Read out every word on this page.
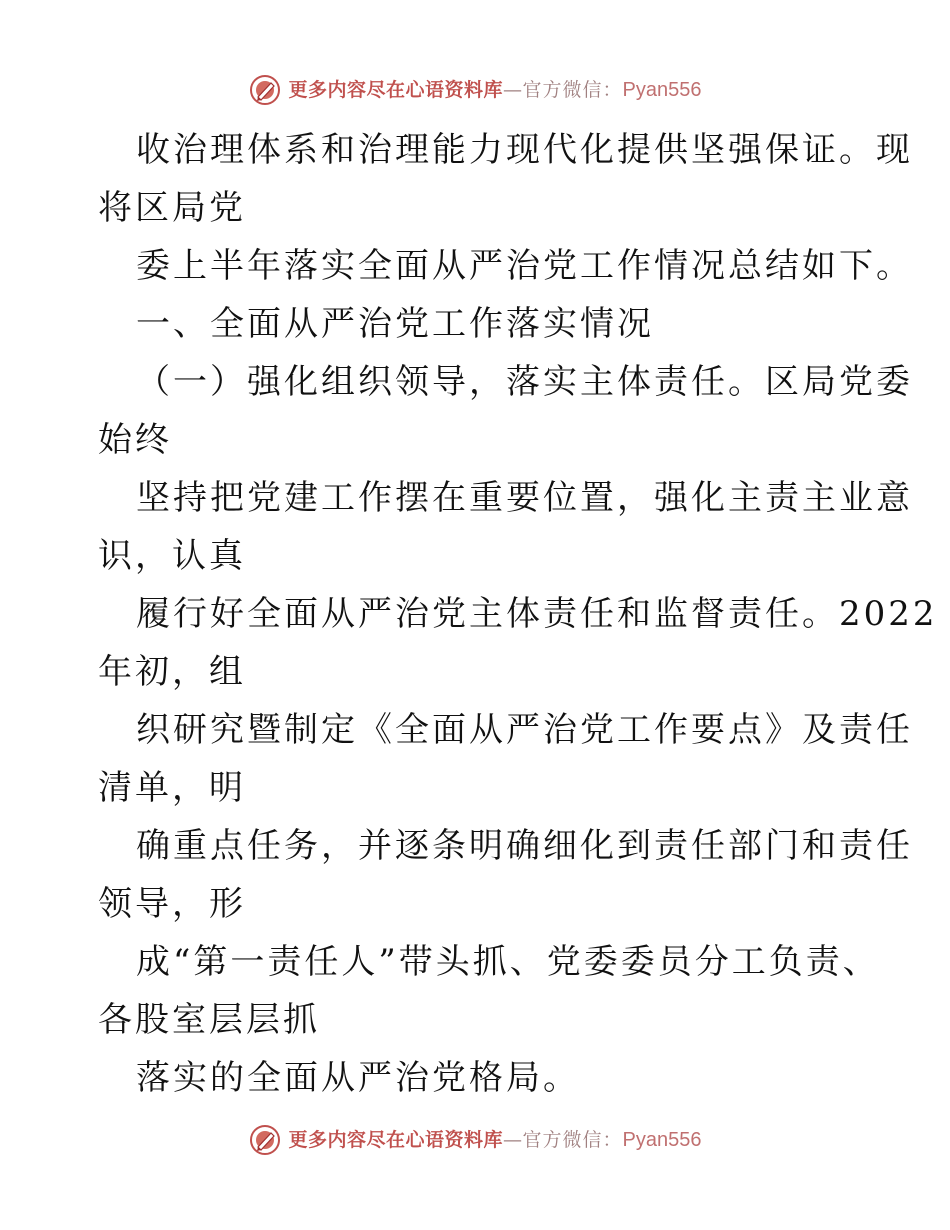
更多内容尽在心语资料库—官方微信：Pyan556
收治理体系和治理能力现代化提供坚强保证。现
将区局党
委上半年落实全面从严治党工作情况总结如下。
一、全面从严治党工作落实情况
（一）强化组织领导，落实主体责任。区局党委
始终
坚持把党建工作摆在重要位置，强化主责主业意
识，认真
履行好全面从严治党主体责任和监督责任。2022
年初，组
织研究暨制定《全面从严治党工作要点》及责任
清单，明
确重点任务，并逐条明确细化到责任部门和责任
领导，形
成“第一责任人”带头抓、党委委员分工负责、
各股室层层抓
落实的全面从严治党格局。
更多内容尽在心语资料库—官方微信：Pyan556
